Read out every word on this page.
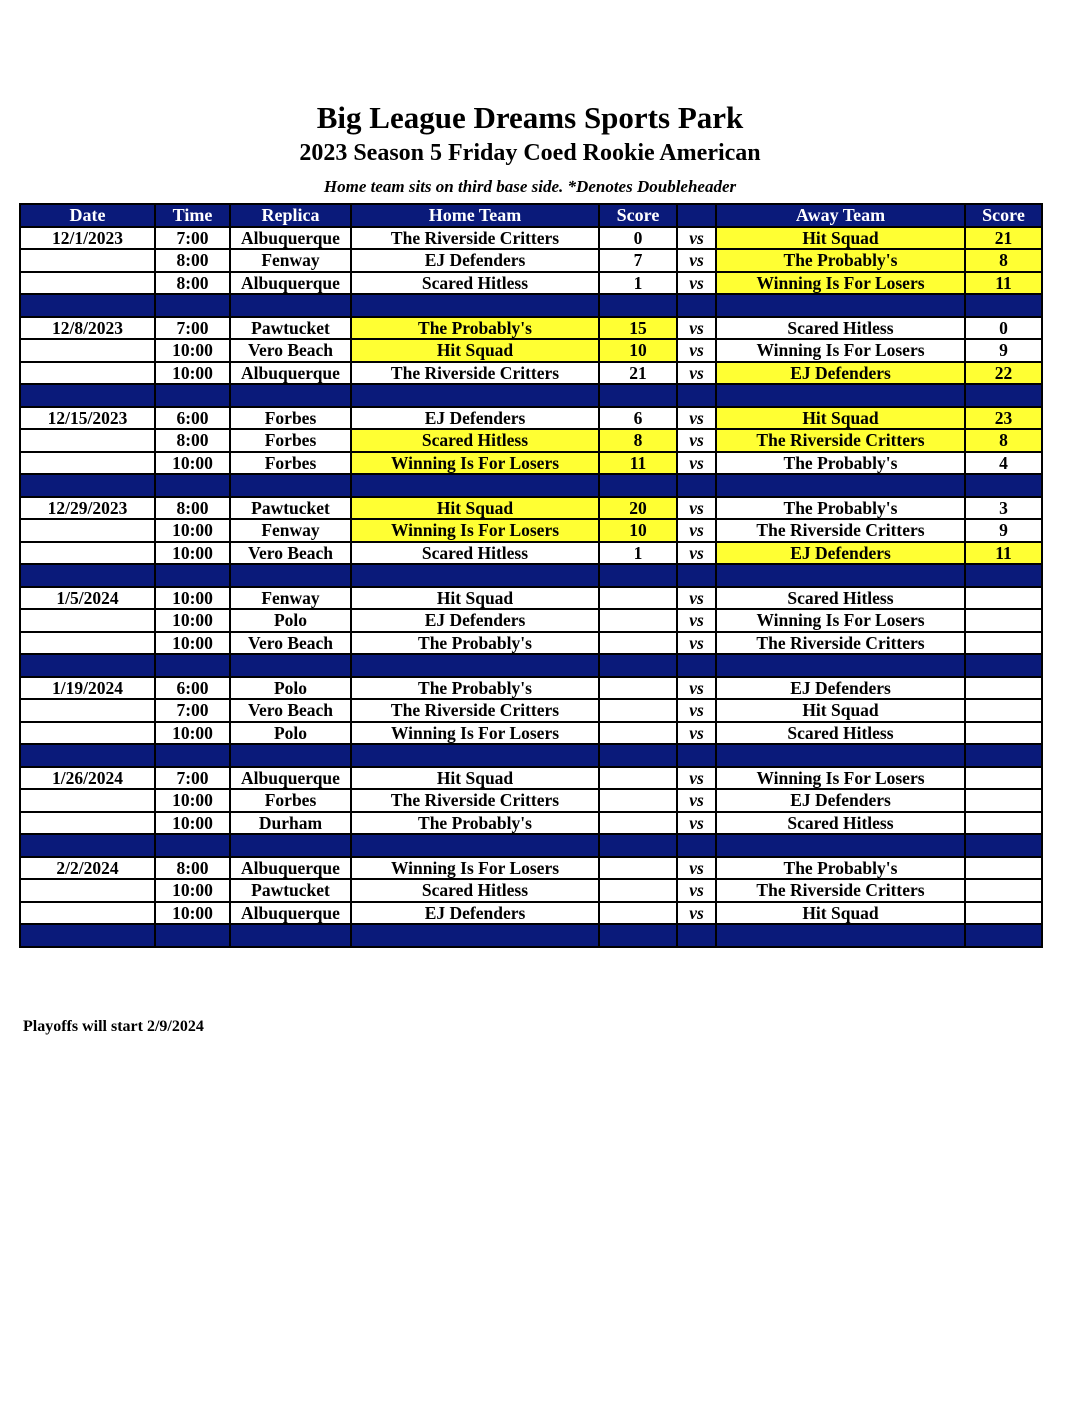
Big League Dreams Sports Park
2023 Season 5 Friday Coed Rookie American
Home team sits on third base side. *Denotes Doubleheader
Date	Time	Replica	Home Team	Score		Away Team	Score
12/1/2023	7:00	Albuquerque	The Riverside Critters	0	vs	Hit Squad	21
	8:00	Fenway	EJ Defenders	7	vs	The Probably's	8
	8:00	Albuquerque	Scared Hitless	1	vs	Winning Is For Losers	11

12/8/2023	7:00	Pawtucket	The Probably's	15	vs	Scared Hitless	0
	10:00	Vero Beach	Hit Squad	10	vs	Winning Is For Losers	9
	10:00	Albuquerque	The Riverside Critters	21	vs	EJ Defenders	22

12/15/2023	6:00	Forbes	EJ Defenders	6	vs	Hit Squad	23
	8:00	Forbes	Scared Hitless	8	vs	The Riverside Critters	8
	10:00	Forbes	Winning Is For Losers	11	vs	The Probably's	4

12/29/2023	8:00	Pawtucket	Hit Squad	20	vs	The Probably's	3
	10:00	Fenway	Winning Is For Losers	10	vs	The Riverside Critters	9
	10:00	Vero Beach	Scared Hitless	1	vs	EJ Defenders	11

1/5/2024	10:00	Fenway	Hit Squad		vs	Scared Hitless	
	10:00	Polo	EJ Defenders		vs	Winning Is For Losers	
	10:00	Vero Beach	The Probably's		vs	The Riverside Critters	

1/19/2024	6:00	Polo	The Probably's		vs	EJ Defenders	
	7:00	Vero Beach	The Riverside Critters		vs	Hit Squad	
	10:00	Polo	Winning Is For Losers		vs	Scared Hitless	

1/26/2024	7:00	Albuquerque	Hit Squad		vs	Winning Is For Losers	
	10:00	Forbes	The Riverside Critters		vs	EJ Defenders	
	10:00	Durham	The Probably's		vs	Scared Hitless	

2/2/2024	8:00	Albuquerque	Winning Is For Losers		vs	The Probably's	
	10:00	Pawtucket	Scared Hitless		vs	The Riverside Critters	
	10:00	Albuquerque	EJ Defenders		vs	Hit Squad	

Playoffs will start 2/9/2024
